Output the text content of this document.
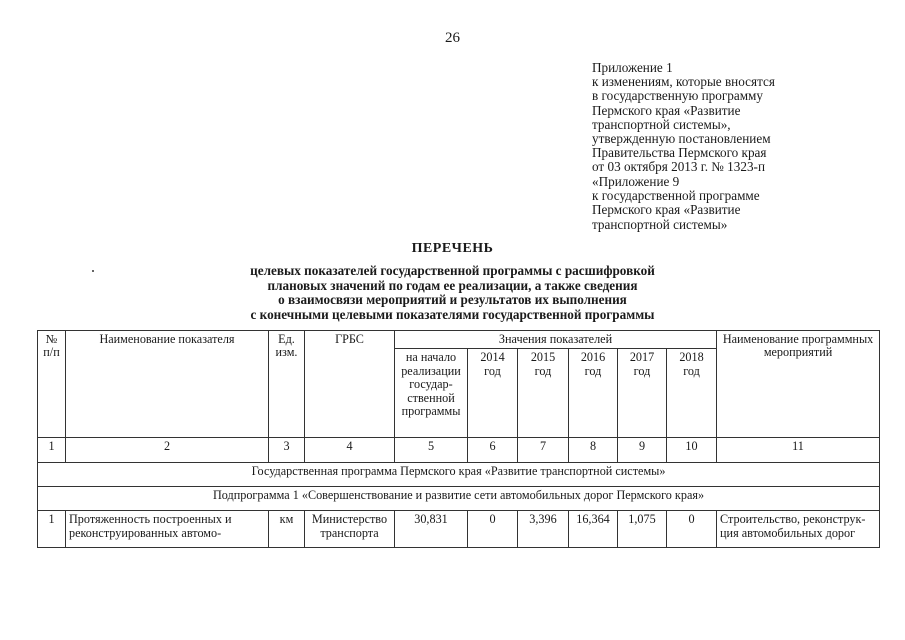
26
Приложение 1
к изменениям, которые вносятся
в государственную программу
Пермского края «Развитие
транспортной системы»,
утвержденную постановлением
Правительства Пермского края
от 03 октября 2013 г. № 1323-п
«Приложение 9
к государственной программе
Пермского края «Развитие
транспортной системы»
ПЕРЕЧЕНЬ
целевых показателей государственной программы с расшифровкой
плановых значений по годам ее реализации, а также сведения
о взаимосвязи мероприятий и результатов их выполнения
с конечными целевыми показателями государственной программы
№ п/п	Наименование показателя	Ед. изм.	ГРБС	Значения показателей						Наименование программных мероприятий
				на начало реализации государ-ственной программы	2014 год	2015 год	2016 год	2017 год	2018 год	
1	2	3	4	5	6	7	8	9	10	11
Государственная программа Пермского края «Развитие транспортной системы»										
Подпрограмма 1 «Совершенствование и развитие сети автомобильных дорог Пермского края»										
1	Протяженность построенных и реконструированных автомо-	км	Министерство транспорта	30,831	0	3,396	16,364	1,075	0	Строительство, реконструк-ция автомобильных дорог
